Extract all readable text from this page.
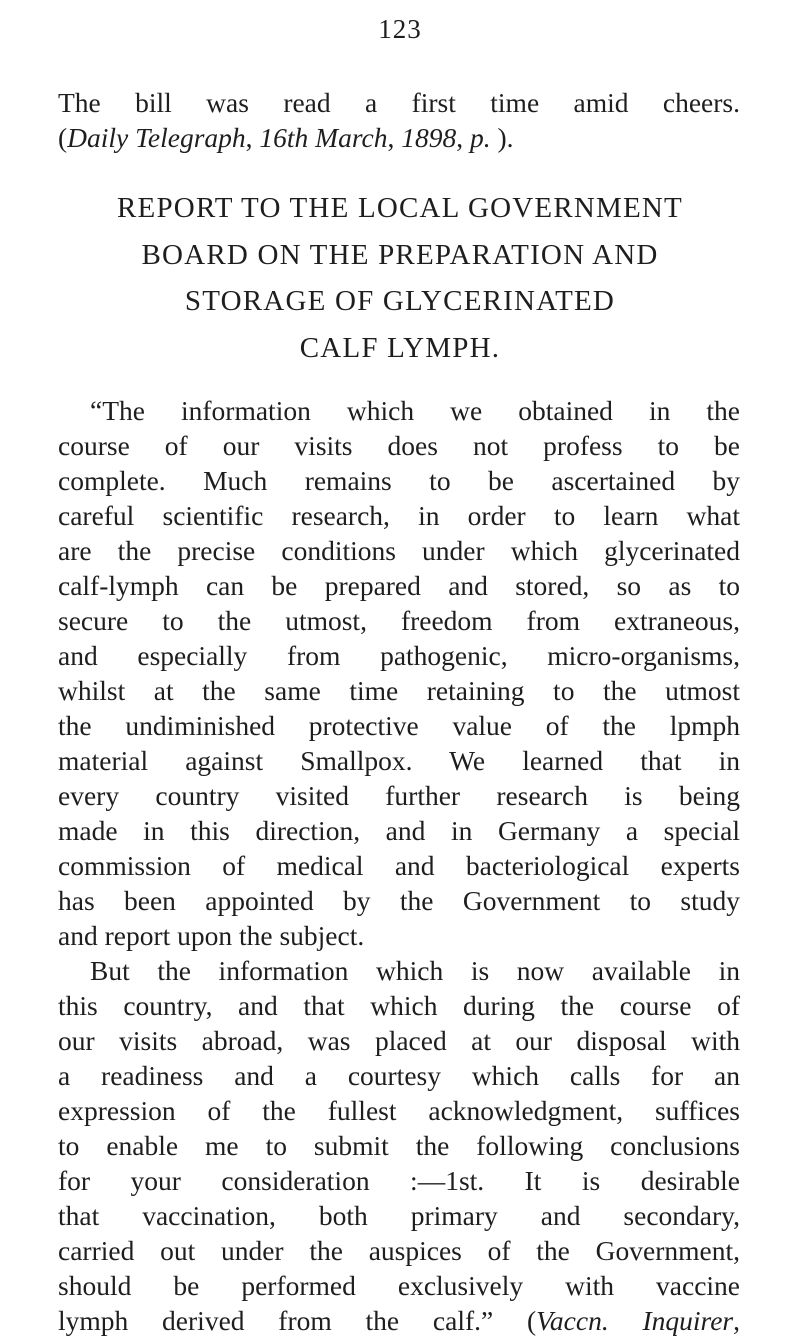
123
The bill was read a first time amid cheers.
(Daily Telegraph, 16th March, 1898, p. ).
REPORT TO THE LOCAL GOVERNMENT
BOARD ON THE PREPARATION AND
STORAGE OF GLYCERINATED
CALF LYMPH.
“The information which we obtained in the
course of our visits does not profess to be
complete. Much remains to be ascertained by
careful scientific research, in order to learn what
are the precise conditions under which glycerinated
calf-lymph can be prepared and stored, so as to
secure to the utmost, freedom from extraneous,
and especially from pathogenic, micro-organisms,
whilst at the same time retaining to the utmost
the undiminished protective value of the lpmph
material against Smallpox. We learned that in
every country visited further research is being
made in this direction, and in Germany a special
commission of medical and bacteriological experts
has been appointed by the Government to study
and report upon the subject.
But the information which is now available in
this country, and that which during the course of
our visits abroad, was placed at our disposal with
a readiness and a courtesy which calls for an
expression of the fullest acknowledgment, suffices
to enable me to submit the following conclusions
for your consideration :—1st. It is desirable
that vaccination, both primary and secondary,
carried out under the auspices of the Government,
should be performed exclusively with vaccine
lymph derived from the calf.” (Vaccn. Inquirer,
